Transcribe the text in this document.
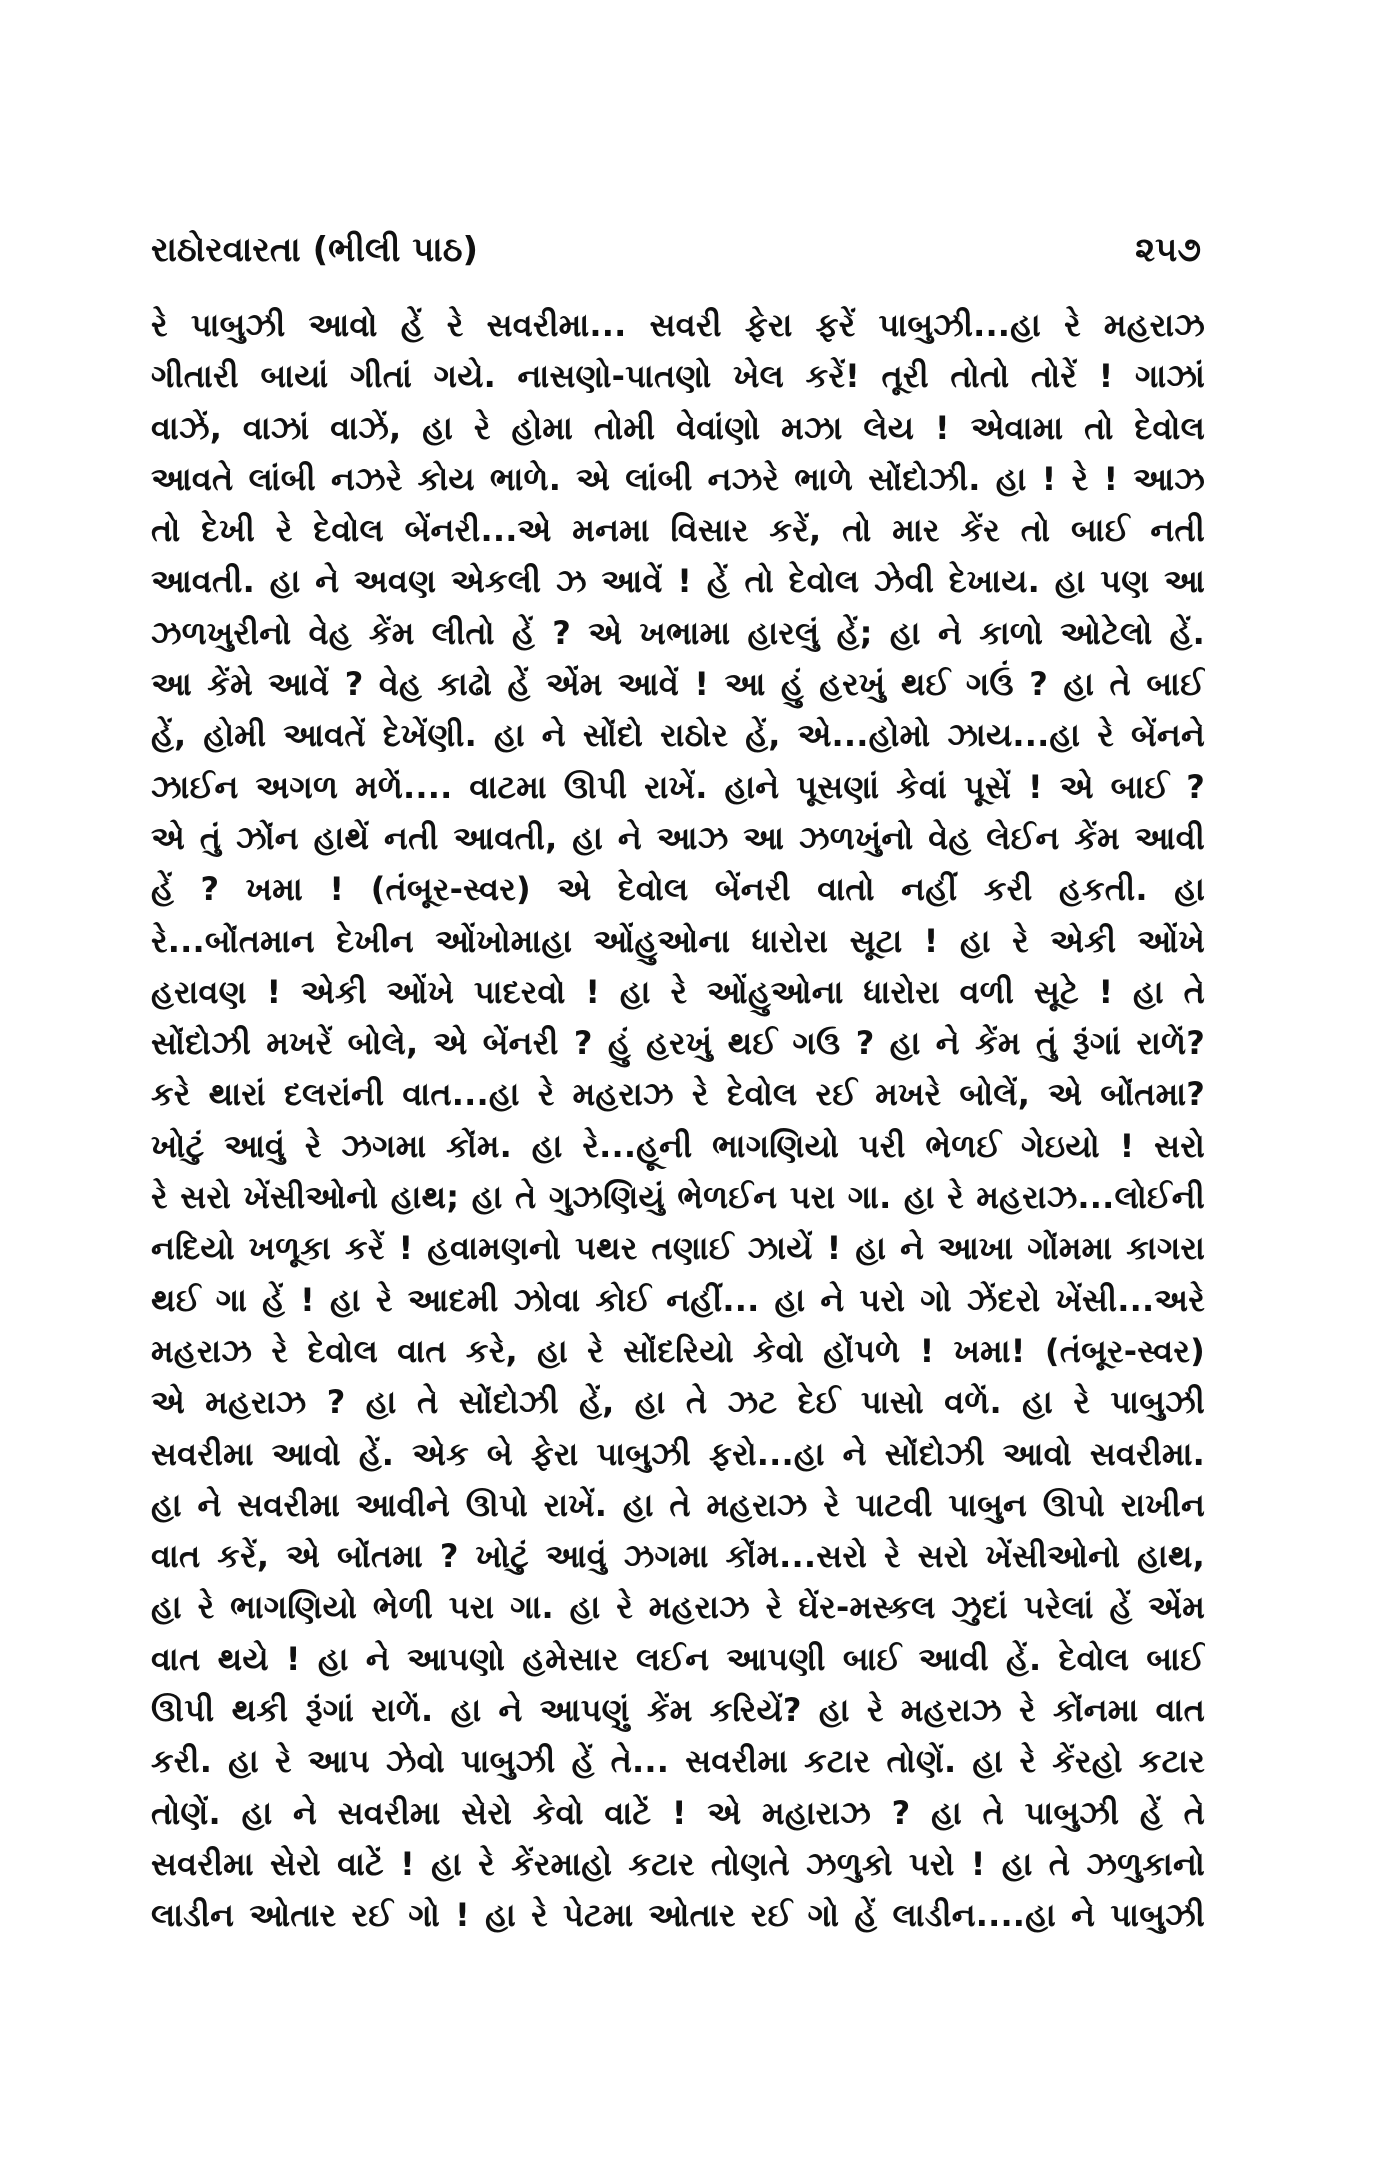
રાઠોરવારતા (ભીલી પાઠ)	૨૫૭
રે પાબુઝી આવો હેં રે સવરીમા... સવરી ફેરા ફરેં પાબુઝી...હા રે મહરાઝ
ગીતારી બાયાં ગીતાં ગયે. નાસણો-પાતણો ખેલ કરેં! તૂરી તોતો તોરેં ! ગાઝાં
વાઝેં, વાઝાં વાઝેં, હા રે હોમા તોમી વેવાંણો મઝા લેય ! એવામા તો દેવોલ
આવતે લાંબી નઝરે કોય ભાળે. એ લાંબી નઝરે ભાળે સોંદોઝી. હા ! રે ! આઝ
તો દેખી રે દેવોલ બેંનરી...એ મનમા વિસાર કરેં, તો માર કેંર તો બાઈ નતી
આવતી. હા ને અવણ એકલી ઝ આવેં ! હેં તો દેવોલ ઝેવી દેખાય. હા પણ આ
ઝળખુરીનો વેહ કેંમ લીતો હેં ? એ ખભામા હારલું હેં; હા ને કાળો ઓટેલો હેં.
આ કેંમે આવેં ? વેહ કાઢો હેં એંમ આવેં ! આ હું હરખું થઈ ગઉં ? હા તે બાઈ
હેં, હોમી આવતેં દેખેંણી. હા ને સોંદો રાઠોર હેં, એ...હોમો ઝાય...હા રે બેંનને
ઝાઈન અગળ મળેં.... વાટમા ઊપી રાખેં. હાને પૂસણાં કેવાં પૂસેં ! એ બાઈ ?
એ તું ઝોંન હાથેં નતી આવતી, હા ને આઝ આ ઝળખુંનો વેહ લેઈન કેંમ આવી
હેં ? ખમા ! (તંબૂર-સ્વર) એ દેવોલ બેંનરી વાતો નહીં કરી હકતી. હા
રે...બોંતમાન દેખીન ઓંખોમાહા ઓંહુઓના ધારોરા સૂટા ! હા રે એકી ઓંખે
હરાવણ ! એકી ઓંખે પાદરવો ! હા રે ઓંહુઓના ધારોરા વળી સૂટે ! હા તે
સોંદોઝી મખરેં બોલે, એ બેંનરી ? હું હરખું થઈ ગઉ ? હા ને કેંમ તું રૂંગાં રાળેં?
કરે થારાં દલરાંની વાત...હા રે મહરાઝ રે દેવોલ રઈ મખરે બોલેં, એ બોંતમા?
ખોટું આવું રે ઝગમા કોંમ. હા રે...હૂની ભાગણિયો પરી ભેળઈ ગેઇયો ! સરો
રે સરો ખેંસીઓનો હાથ; હા તે ગુઝણિયું ભેળઈન પરા ગા. હા રે મહરાઝ...લોઈની
નદિયો ખળૂકા કરેં ! હવામણનો પથર તણાઈ ઝાયેં ! હા ને આખા ગોંમમા કાગરા
થઈ ગા હેં ! હા રે આદમી ઝોવા કોઈ નહીં... હા ને પરો ગો ઝેંદરો ખેંસી...અરે
મહરાઝ રે દેવોલ વાત કરે, હા રે સોંદરિયો કેવો હોંપળે ! ખમા! (તંબૂર-સ્વર)
એ મહરાઝ ? હા તે સોંદોઝી હેં, હા તે ઝટ દેઈ પાસો વળેં. હા રે પાબુઝી
સવરીમા આવો હેં. એક બે ફેરા પાબુઝી ફરો...હા ને સોંદોઝી આવો સવરીમા.
હા ને સવરીમા આવીને ઊપો રાખેં. હા તે મહરાઝ રે પાટવી પાબુન ઊપો રાખીન
વાત કરેં, એ બોંતમા ? ખોટું આવું ઝગમા કોંમ...સરો રે સરો ખેંસીઓનો હાથ,
હા રે ભાગણિયો ભેળી પરા ગા. હા રે મહરાઝ રે ઘેંર-મસ્કલ ઝુદાં પરેલાં હેં એંમ
વાત થયે ! હા ને આપણો હમેસાર લઈન આપણી બાઈ આવી હેં. દેવોલ બાઈ
ઊપી થકી રૂંગાં રાળેં. હા ને આપણું કેંમ કરિયેં? હા રે મહરાઝ રે કોંનમા વાત
કરી. હા રે આપ ઝેવો પાબુઝી હેં તે... સવરીમા કટાર તોણેં. હા રે કેંરહો કટાર
તોણેં. હા ને સવરીમા સેરો કેવો વાટેં ! એ મહારાઝ ? હા તે પાબુઝી હેં તે
સવરીમા સેરો વાટેં ! હા રે કેંરમાહો કટાર તોણતે ઝળુકો પરો ! હા તે ઝળુકાનો
લાડીન ઓતાર રઈ ગો ! હા રે પેટમા ઓતાર રઈ ગો હેં લાડીન....હા ને પાબુઝી
